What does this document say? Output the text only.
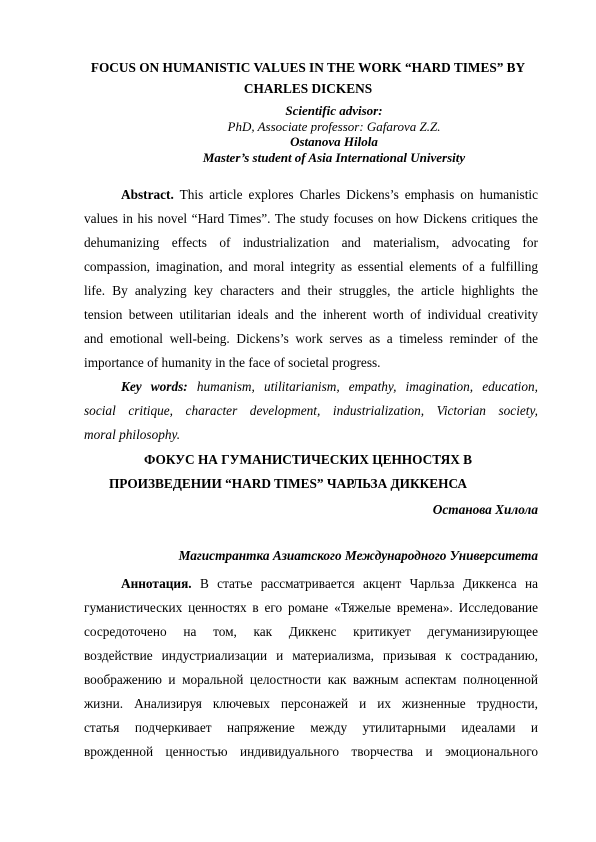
FOCUS ON HUMANISTIC VALUES IN THE WORK “HARD TIMES” BY
CHARLES DICKENS
Scientific advisor:
PhD, Associate professor: Gafarova Z.Z.
Ostanova Hilola
Master’s student of Asia International University
Abstract. This article explores Charles Dickens’s emphasis on humanistic
values in his novel “Hard Times”. The study focuses on how Dickens critiques the
dehumanizing effects of industrialization and materialism, advocating for
compassion, imagination, and moral integrity as essential elements of a fulfilling
life. By analyzing key characters and their struggles, the article highlights the
tension between utilitarian ideals and the inherent worth of individual creativity
and emotional well-being. Dickens’s work serves as a timeless reminder of the
importance of humanity in the face of societal progress.
Key words: humanism, utilitarianism, empathy, imagination, education,
social critique, character development, industrialization, Victorian society,
moral philosophy.
ФОКУС НА ГУМАНИСТИЧЕСКИХ ЦЕННОСТЯХ В
ПРОИЗВЕДЕНИИ “HARD TIMES” ЧАРЛЬЗА ДИККЕНСА
Останова Хилола
Магистрантка Азиатского Международного Университета
Аннотация. В статье рассматривается акцент Чарльза Диккенса на
гуманистических ценностях в его романе «Тяжелые времена». Исследование
сосредоточено на том, как Диккенс критикует дегуманизирующее
воздействие индустриализации и материализма, призывая к состраданию,
воображению и моральной целостности как важным аспектам полноценной
жизни. Анализируя ключевых персонажей и их жизненные трудности,
статья подчеркивает напряжение между утилитарными идеалами и
врожденной ценностью индивидуального творчества и эмоционального
